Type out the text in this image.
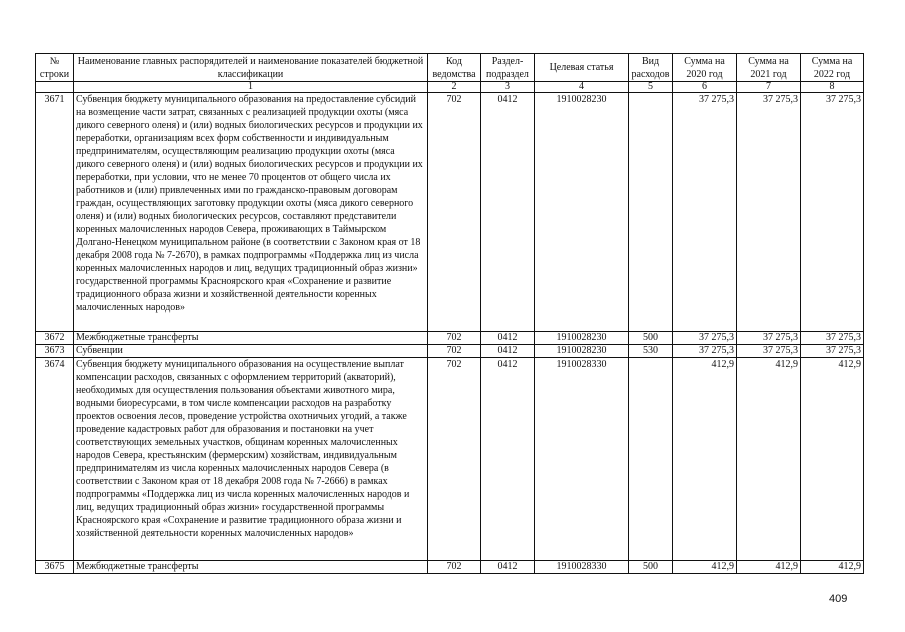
№ строки	Наименование главных распорядителей и наименование показателей бюджетной классификации	Код ведомства	Раздел-подраздел	Целевая статья	Вид расходов	Сумма на 2020 год	Сумма на 2021 год	Сумма на 2022 год
	1	2	3	4	5	6	7	8
3671	Субвенция бюджету муниципального образования на предоставление субсидий на возмещение части затрат, связанных с реализацией продукции охоты (мяса дикого северного оленя) и (или) водных биологических ресурсов и продукции их переработки, организациям всех форм собственности и индивидуальным предпринимателям, осуществляющим реализацию продукции охоты (мяса дикого северного оленя) и (или) водных биологических ресурсов и продукции их переработки, при условии, что не менее 70 процентов от общего числа их работников и (или) привлеченных ими по гражданско-правовым договорам граждан, осуществляющих заготовку продукции охоты (мяса дикого северного оленя) и (или) водных биологических ресурсов, составляют представители коренных малочисленных народов Севера, проживающих в Таймырском Долгано-Ненецком муниципальном районе (в соответствии с Законом края от 18 декабря 2008 года № 7-2670), в рамках подпрограммы «Поддержка лиц из числа коренных малочисленных народов и лиц, ведущих традиционный образ жизни» государственной программы Красноярского края «Сохранение и развитие традиционного образа жизни и хозяйственной деятельности коренных малочисленных народов»	702	0412	1910028230		37 275,3	37 275,3	37 275,3
3672	Межбюджетные трансферты	702	0412	1910028230	500	37 275,3	37 275,3	37 275,3
3673	Субвенции	702	0412	1910028230	530	37 275,3	37 275,3	37 275,3
3674	Субвенция бюджету муниципального образования на осуществление выплат компенсации расходов, связанных с оформлением территорий (акваторий), необходимых для осуществления пользования объектами животного мира, водными биоресурсами, в том числе компенсации расходов на разработку проектов освоения лесов, проведение устройства охотничьих угодий, а также проведение кадастровых работ для образования и постановки на учет соответствующих земельных участков, общинам коренных малочисленных народов Севера, крестьянским (фермерским) хозяйствам, индивидуальным предпринимателям из числа коренных малочисленных народов Севера (в соответствии с Законом края от 18 декабря 2008 года № 7-2666) в рамках подпрограммы «Поддержка лиц из числа коренных малочисленных народов и лиц, ведущих традиционный образ жизни» государственной программы Красноярского края «Сохранение и развитие традиционного образа жизни и хозяйственной деятельности коренных малочисленных народов»	702	0412	1910028330		412,9	412,9	412,9
3675	Межбюджетные трансферты	702	0412	1910028330	500	412,9	412,9	412,9
409
